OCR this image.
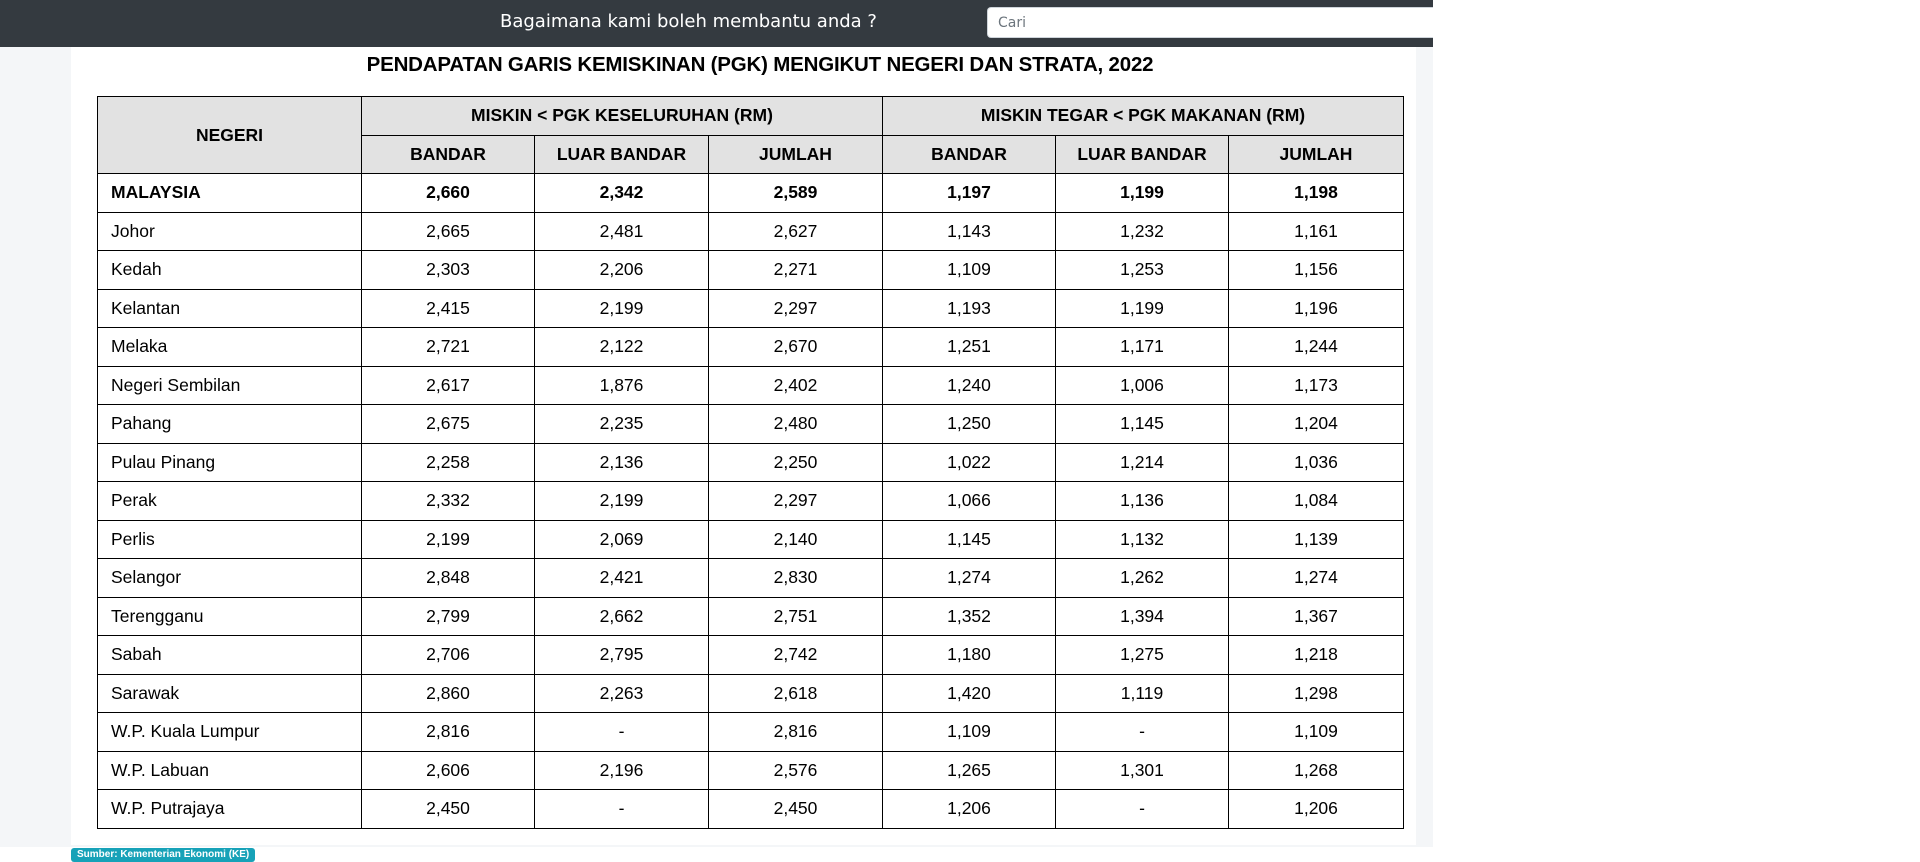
Bagaimana kami boleh membantu anda ?
Cari
PENDAPATAN GARIS KEMISKINAN (PGK) MENGIKUT NEGERI DAN STRATA, 2022
NEGERI	MISKIN < PGK KESELURUHAN (RM)			MISKIN TEGAR < PGK MAKANAN (RM)		
	BANDAR	LUAR BANDAR	JUMLAH	BANDAR	LUAR BANDAR	JUMLAH
MALAYSIA	2,660	2,342	2,589	1,197	1,199	1,198
Johor	2,665	2,481	2,627	1,143	1,232	1,161
Kedah	2,303	2,206	2,271	1,109	1,253	1,156
Kelantan	2,415	2,199	2,297	1,193	1,199	1,196
Melaka	2,721	2,122	2,670	1,251	1,171	1,244
Negeri Sembilan	2,617	1,876	2,402	1,240	1,006	1,173
Pahang	2,675	2,235	2,480	1,250	1,145	1,204
Pulau Pinang	2,258	2,136	2,250	1,022	1,214	1,036
Perak	2,332	2,199	2,297	1,066	1,136	1,084
Perlis	2,199	2,069	2,140	1,145	1,132	1,139
Selangor	2,848	2,421	2,830	1,274	1,262	1,274
Terengganu	2,799	2,662	2,751	1,352	1,394	1,367
Sabah	2,706	2,795	2,742	1,180	1,275	1,218
Sarawak	2,860	2,263	2,618	1,420	1,119	1,298
W.P. Kuala Lumpur	2,816	-	2,816	1,109	-	1,109
W.P. Labuan	2,606	2,196	2,576	1,265	1,301	1,268
W.P. Putrajaya	2,450	-	2,450	1,206	-	1,206
Sumber: Kementerian Ekonomi (KE)
